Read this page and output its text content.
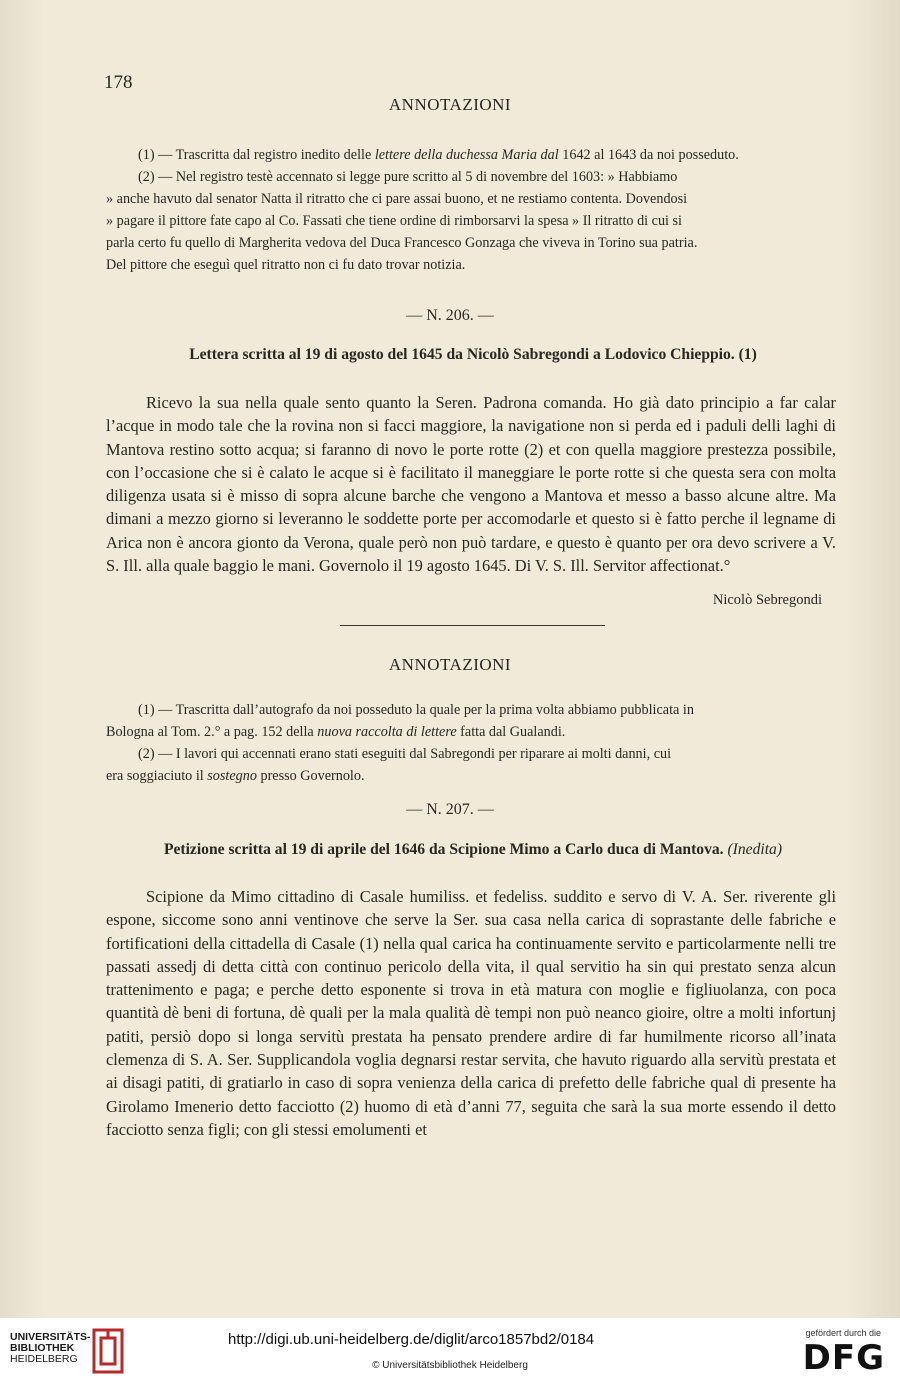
178
ANNOTAZIONI

(1) — Trascritta dal registro inedito delle lettere della duchessa Maria dal 1642 al 1643 da noi posseduto.

(2) — Nel registro testè accennato si legge pure scritto al 5 di novembre del 1603: » Habbiamo

» anche havuto dal senator Natta il ritratto che ci pare assai buono, et ne restiamo contenta. Dovendosi

» pagare il pittore fate capo al Co. Fassati che tiene ordine di rimborsarvi la spesa » Il ritratto di cui si

parla certo fu quello di Margherita vedova del Duca Francesco Gonzaga che viveva in Torino sua patria.

Del pittore che eseguì quel ritratto non ci fu dato trovar notizia.

— N. 206. —
Lettera scritta al 19 di agosto del 1645 da Nicolò Sabregondi a Lodovico Chieppio. (1)

Ricevo la sua nella quale sento quanto la Seren. Padrona comanda. Ho già dato principio a far calar l’acque in modo tale che la rovina non si facci maggiore, la navigatione non si perda ed i paduli delli laghi di Mantova restino sotto acqua; si faranno di novo le porte rotte (2) et con quella maggiore prestezza possibile, con l’occasione che si è calato le acque si è facilitato il maneggiare le porte rotte si che questa sera con molta diligenza usata si è misso di sopra alcune barche che vengono a Mantova et messo a basso alcune altre. Ma dimani a mezzo giorno si leveranno le soddette porte per accomodarle et questo si è fatto perche il legname di Arica non è ancora gionto da Verona, quale però non può tardare, e questo è quanto per ora devo scrivere a V. S. Ill. alla quale baggio le mani. Governolo il 19 agosto 1645. Di V. S. Ill. Servitor affectionat.°

Nicolò Sebregondi
ANNOTAZIONI

(1) — Trascritta dall’autografo da noi posseduto la quale per la prima volta abbiamo pubblicata in

Bologna al Tom. 2.° a pag. 152 della nuova raccolta di lettere fatta dal Gualandi.

(2) — I lavori qui accennati erano stati eseguiti dal Sabregondi per riparare ai molti danni, cui

era soggiaciuto il sostegno presso Governolo.

— N. 207. —
Petizione scritta al 19 di aprile del 1646 da Scipione Mimo a Carlo duca di Mantova. (Inedita)

Scipione da Mimo cittadino di Casale humiliss. et fedeliss. suddito e servo di V. A. Ser. riverente gli espone, siccome sono anni ventinove che serve la Ser. sua casa nella carica di soprastante delle fabriche e fortificationi della cittadella di Casale (1) nella qual carica ha continuamente servito e particolarmente nelli tre passati assedj di detta città con continuo pericolo della vita, il qual servitio ha sin qui prestato senza alcun trattenimento e paga; e perche detto esponente si trova in età matura con moglie e figliuolanza, con poca quantità dè beni di fortuna, dè quali per la mala qualità dè tempi non può neanco gioire, oltre a molti infortunj patiti, persiò dopo si longa servitù prestata ha pensato prendere ardire di far humilmente ricorso all’inata clemenza di S. A. Ser. Supplicandola voglia degnarsi restar servita, che havuto riguardo alla servitù prestata et ai disagi patiti, di gratiarlo in caso di sopra venienza della carica di prefetto delle fabriche qual di presente ha Girolamo Imenerio detto facciotto (2) huomo di età d’anni 77, seguita che sarà la sua morte essendo il detto facciotto senza figli; con gli stessi emolumenti et

UNIVERSITÄTS-
BIBLIOTHEK
HEIDELBERG
http://digi.ub.uni-heidelberg.de/diglit/arco1857bd2/0184
© Universitätsbibliothek Heidelberg
gefördert durch die
DFG
